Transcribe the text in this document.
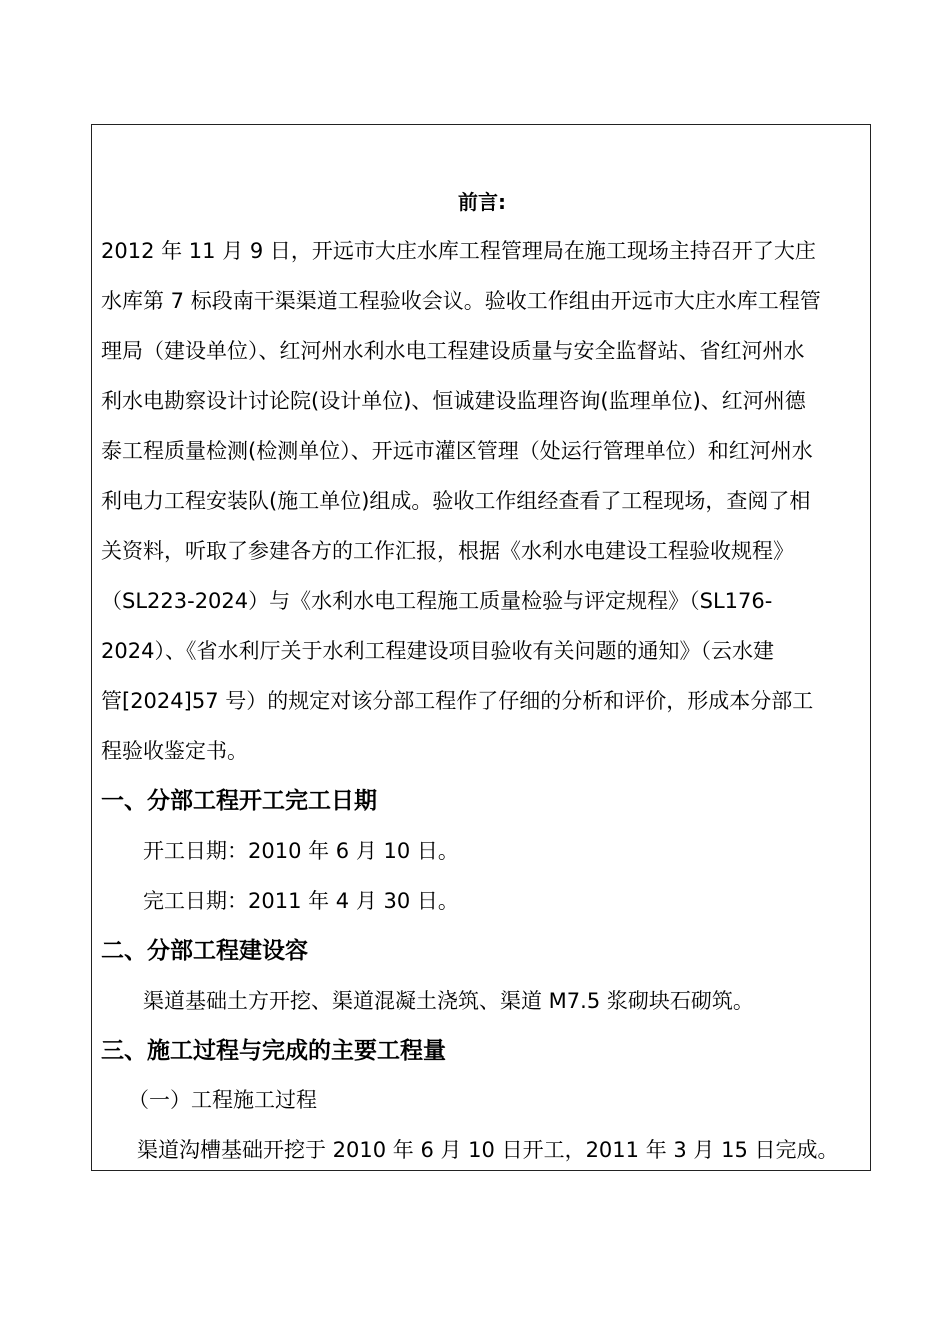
前言:
2012 年 11 月 9 日，开远市大庄水库工程管理局在施工现场主持召开了大庄
水库第 7 标段南干渠渠道工程验收会议。验收工作组由开远市大庄水库工程管
理局（建设单位）、红河州水利水电工程建设质量与安全监督站、省红河州水
利水电勘察设计讨论院(设计单位)、恒诚建设监理咨询(监理单位)、红河州德
泰工程质量检测(检测单位）、开远市灌区管理（处运行管理单位）和红河州水
利电力工程安装队(施工单位)组成。验收工作组经查看了工程现场，查阅了相
关资料，听取了参建各方的工作汇报，根据《水利水电建设工程验收规程》
（SL223-2024）与《水利水电工程施工质量检验与评定规程》（SL176-
2024）、《省水利厅关于水利工程建设项目验收有关问题的通知》（云水建
管[2024]57 号）的规定对该分部工程作了仔细的分析和评价，形成本分部工
程验收鉴定书。
一、分部工程开工完工日期
开工日期：2010 年 6 月 10 日。
完工日期：2011 年 4 月 30 日。
二、分部工程建设容
渠道基础土方开挖、渠道混凝土浇筑、渠道 M7.5 浆砌块石砌筑。
三、施工过程与完成的主要工程量
（一）工程施工过程
渠道沟槽基础开挖于 2010 年 6 月 10 日开工，2011 年 3 月 15 日完成。
